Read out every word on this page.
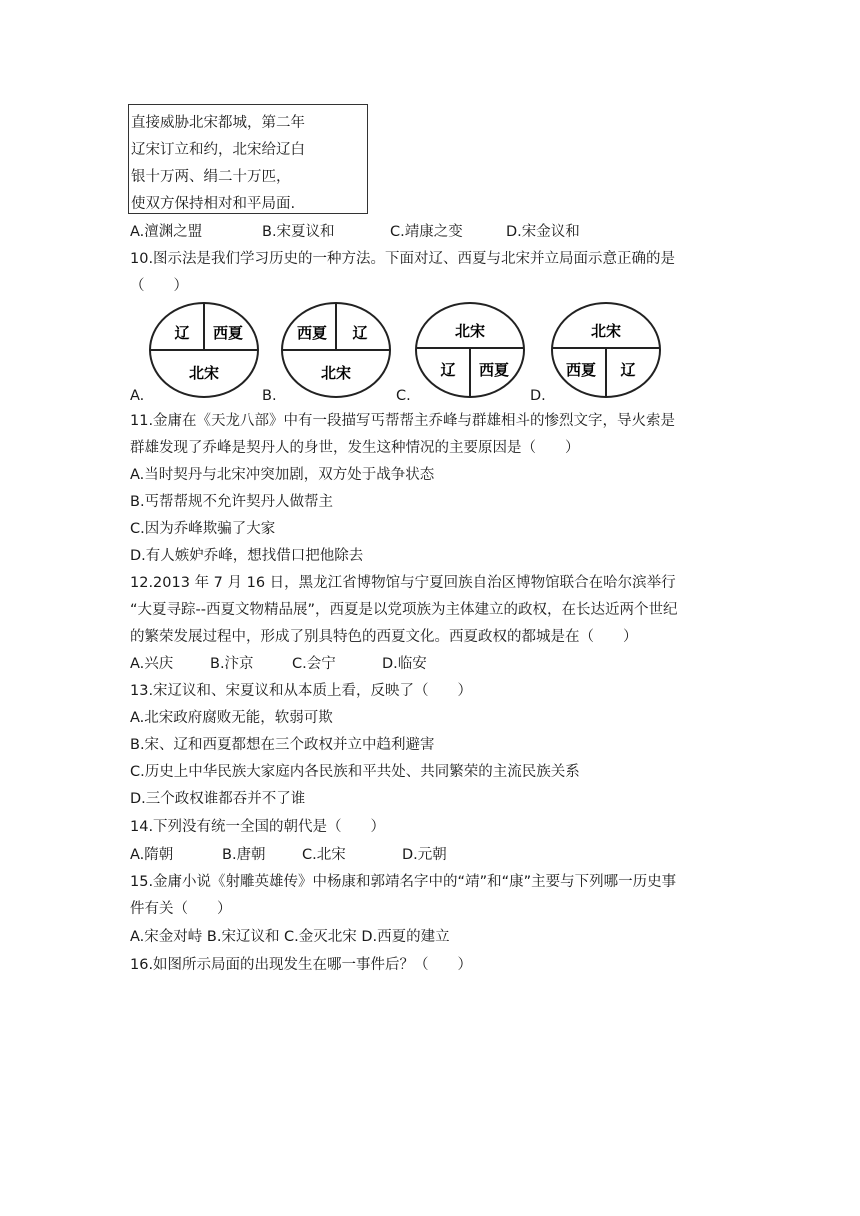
直接威胁北宋都城，第二年
辽宋订立和约，北宋给辽白
银十万两、绢二十万匹，
使双方保持相对和平局面.
A.澶渊之盟	B.宋夏议和	C.靖康之变	D.宋金议和
10.图示法是我们学习历史的一种方法。下面对辽、西夏与北宋并立局面示意正确的是
（　　）
辽 西夏
北宋
A.
西夏 辽
北宋
B.
北宋
辽 西夏
C.
北宋
西夏 辽
D.
11.金庸在《天龙八部》中有一段描写丐帮帮主乔峰与群雄相斗的惨烈文字，导火索是
群雄发现了乔峰是契丹人的身世，发生这种情况的主要原因是（　　）
A.当时契丹与北宋冲突加剧，双方处于战争状态
B.丐帮帮规不允许契丹人做帮主
C.因为乔峰欺骗了大家
D.有人嫉妒乔峰，想找借口把他除去
12.2013 年 7 月 16 日，黑龙江省博物馆与宁夏回族自治区博物馆联合在哈尔滨举行
“大夏寻踪--西夏文物精品展”，西夏是以党项族为主体建立的政权，在长达近两个世纪
的繁荣发展过程中，形成了别具特色的西夏文化。西夏政权的都城是在（　　）
A.兴庆	B.汴京	C.会宁	D.临安
13.宋辽议和、宋夏议和从本质上看，反映了（　　）
A.北宋政府腐败无能，软弱可欺
B.宋、辽和西夏都想在三个政权并立中趋利避害
C.历史上中华民族大家庭内各民族和平共处、共同繁荣的主流民族关系
D.三个政权谁都吞并不了谁
14.下列没有统一全国的朝代是（　　）
A.隋朝	B.唐朝	C.北宋	D.元朝
15.金庸小说《射雕英雄传》中杨康和郭靖名字中的“靖”和“康”主要与下列哪一历史事
件有关（　　）
A.宋金对峙 B.宋辽议和 C.金灭北宋 D.西夏的建立
16.如图所示局面的出现发生在哪一事件后？（　　）
